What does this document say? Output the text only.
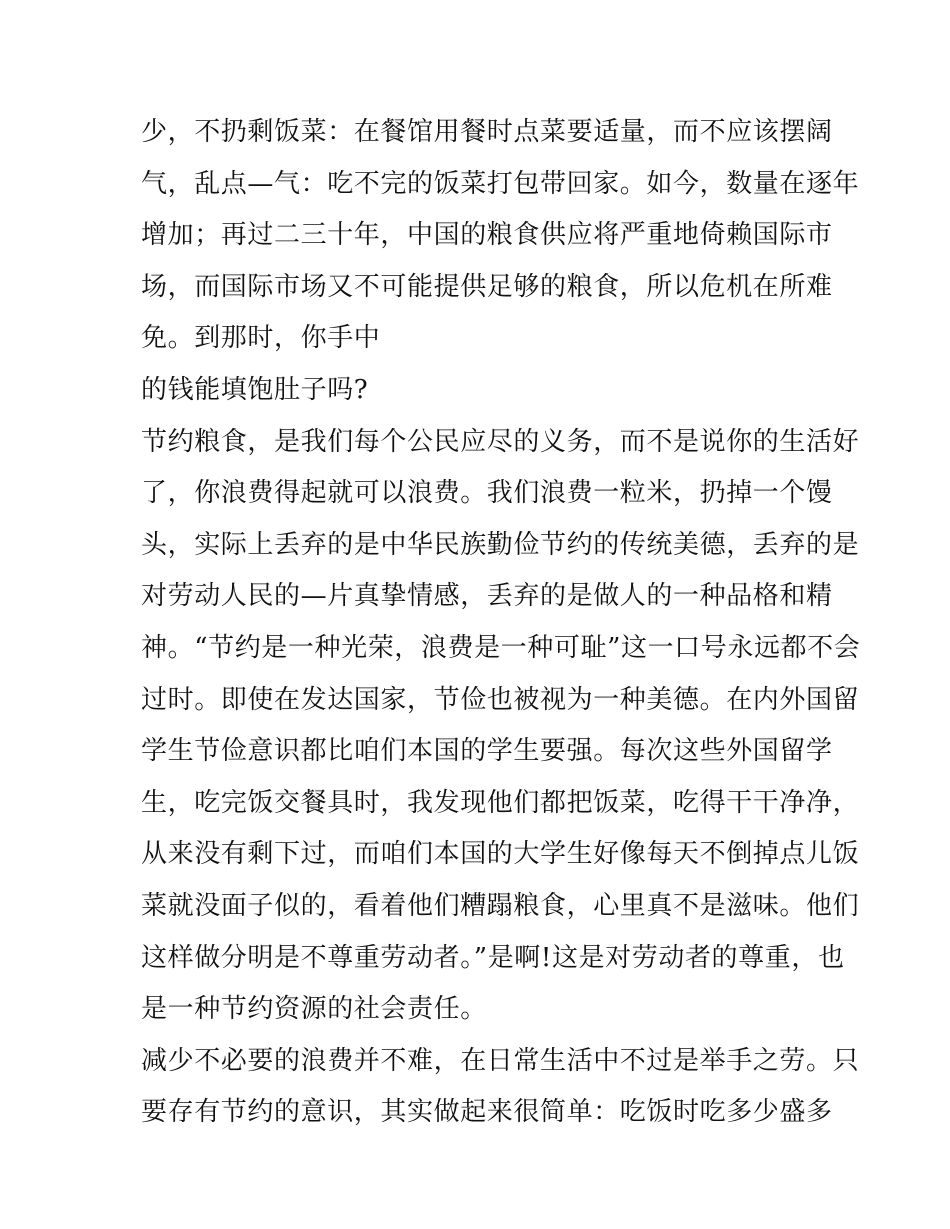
少，不扔剩饭菜：在餐馆用餐时点菜要适量，而不应该摆阔
气，乱点—气：吃不完的饭菜打包带回家。如今，数量在逐年
增加；再过二三十年，中国的粮食供应将严重地倚赖国际市
场，而国际市场又不可能提供足够的粮食，所以危机在所难
免。到那时，你手中
的钱能填饱肚子吗?
节约粮食，是我们每个公民应尽的义务，而不是说你的生活好
了，你浪费得起就可以浪费。我们浪费一粒米，扔掉一个馒
头，实际上丢弃的是中华民族勤俭节约的传统美德，丢弃的是
对劳动人民的—片真挚情感，丢弃的是做人的一种品格和精
神。“节约是一种光荣，浪费是一种可耻”这一口号永远都不会
过时。即使在发达国家，节俭也被视为一种美德。在内外国留
学生节俭意识都比咱们本国的学生要强。每次这些外国留学
生，吃完饭交餐具时，我发现他们都把饭菜，吃得干干净净，
从来没有剩下过，而咱们本国的大学生好像每天不倒掉点儿饭
菜就没面子似的，看着他们糟蹋粮食，心里真不是滋味。他们
这样做分明是不尊重劳动者。”是啊!这是对劳动者的尊重，也
是一种节约资源的社会责任。
减少不必要的浪费并不难，在日常生活中不过是举手之劳。只
要存有节约的意识，其实做起来很简单：吃饭时吃多少盛多
